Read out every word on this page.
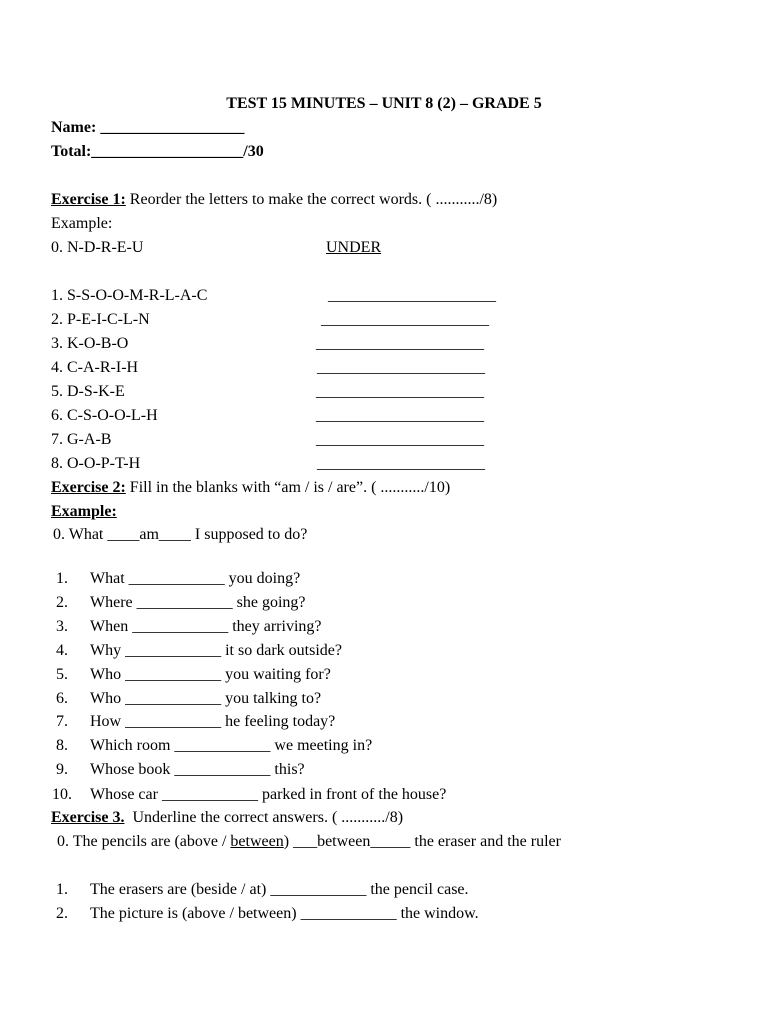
TEST 15 MINUTES – UNIT 8 (2) – GRADE 5
Name: __________________
Total:___________________/30
Exercise 1: Reorder the letters to make the correct words. ( .........../8)
Example:
0. N-D-R-E-U	UNDER
1. S-S-O-O-M-R-L-A-C	_____________________
2. P-E-I-C-L-N	_____________________
3. K-O-B-O	_____________________
4. C-A-R-I-H	_____________________
5. D-S-K-E	_____________________
6. C-S-O-O-L-H	_____________________
7. G-A-B	_____________________
8. O-O-P-T-H	_____________________
Exercise 2: Fill in the blanks with “am / is / are”. ( .........../10)
Example:
0. What ____am____ I supposed to do?
1. What ____________ you doing?
2. Where ____________ she going?
3. When ____________ they arriving?
4. Why ____________ it so dark outside?
5. Who ____________ you waiting for?
6. Who ____________ you talking to?
7. How ____________ he feeling today?
8. Which room ____________ we meeting in?
9. Whose book ____________ this?
10. Whose car ____________ parked in front of the house?
Exercise 3.  Underline the correct answers. ( .........../8)
0. The pencils are (above / between) ___between_____ the eraser and the ruler
1. The erasers are (beside / at) ____________ the pencil case.
2. The picture is (above / between) ____________ the window.
